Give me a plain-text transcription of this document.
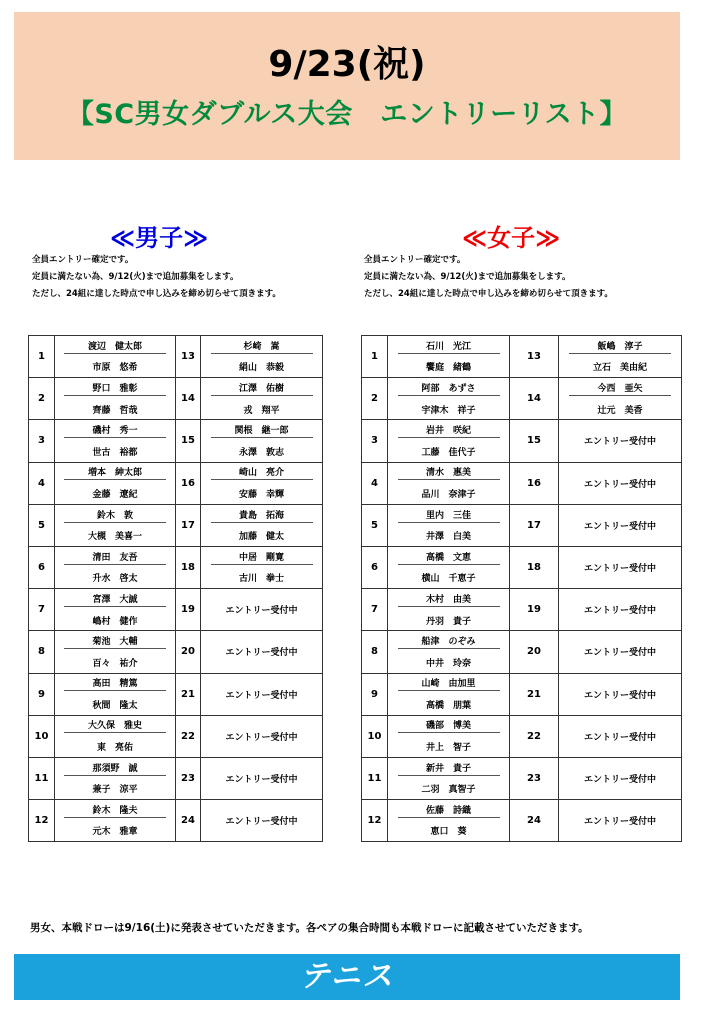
9/23(祝)
【SC男女ダブルス大会　エントリーリスト】
≪男子≫
全員エントリー確定です。
定員に満たない為、9/12(火)まで追加募集をします。
ただし、24組に達した時点で申し込みを締め切らせて頂きます。
≪女子≫
全員エントリー確定です。
定員に満たない為、9/12(火)まで追加募集をします。
ただし、24組に達した時点で申し込みを締め切らせて頂きます。
1	渡辺　健太郎	13	杉崎　嵩
	市原　悠希		絹山　恭毅
2	野口　雅彰	14	江澤　佑樹
	齊藤　哲哉		戎　翔平
3	磯村　秀一	15	関根　継一郎
	世古　裕都		永澤　敦志
4	増本　紳太郎	16	崎山　亮介
	金藤　遼紀		安藤　幸輝
5	鈴木　敦	17	貴島　拓海
	大槻　美喜一		加藤　健太
6	清田　友吾	18	中居　剛寛
	升水　啓太		古川　拳士
7	宮澤　大誠	19	エントリー受付中
	嶋村　健作		
8	菊池　大輔	20	エントリー受付中
	百々　祐介		
9	高田　精篤	21	エントリー受付中
	秋間　隆太		
10	大久保　雅史	22	エントリー受付中
	東　亮佑		
11	那須野　誠	23	エントリー受付中
	兼子　涼平		
12	鈴木　隆夫	24	エントリー受付中
	元木　雅章		
1	石川　光江	13	飯嶋　淳子
	饗庭　緒鶴		立石　美由紀
2	阿部　あずさ	14	今西　亜矢
	宇津木　祥子		辻元　美香
3	岩井　咲紀	15	エントリー受付中
	工藤　佳代子		
4	清水　惠美	16	エントリー受付中
	品川　奈津子		
5	里内　三佳	17	エントリー受付中
	井澤　白美		
6	高橋　文恵	18	エントリー受付中
	横山　千恵子		
7	木村　由美	19	エントリー受付中
	丹羽　貴子		
8	船津　のぞみ	20	エントリー受付中
	中井　玲奈		
9	山崎　由加里	21	エントリー受付中
	高橋　朋葉		
10	磯部　博美	22	エントリー受付中
	井上　智子		
11	新井　貴子	23	エントリー受付中
	二羽　真智子		
12	佐藤　詩織	24	エントリー受付中
	恵口　葵		
男女、本戦ドローは9/16(土)に発表させていただきます。各ペアの集合時間も本戦ドローに記載させていただきます。
テニス
